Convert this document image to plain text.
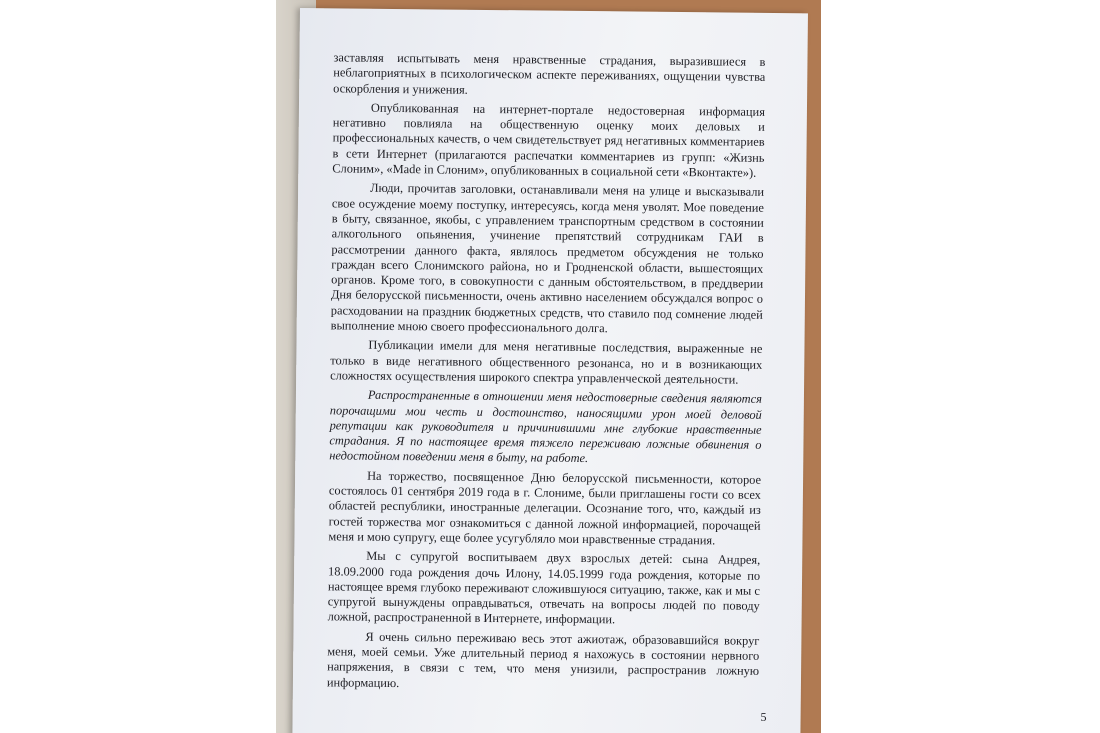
заставляя испытывать меня нравственные страдания, выразившиеся в неблагоприятных в психологическом аспекте переживаниях, ощущении чувства оскорбления и унижения.

Опубликованная на интернет-портале недостоверная информация негативно повлияла на общественную оценку моих деловых и профессиональных качеств, о чем свидетельствует ряд негативных комментариев в сети Интернет (прилагаются распечатки комментариев из групп: «Жизнь Слоним», «Made in Слоним», опубликованных в социальной сети «Вконтакте»).

Люди, прочитав заголовки, останавливали меня на улице и высказывали свое осуждение моему поступку, интересуясь, когда меня уволят. Мое поведение в быту, связанное, якобы, с управлением транспортным средством в состоянии алкогольного опьянения, учинение препятствий сотрудникам ГАИ в рассмотрении данного факта, являлось предметом обсуждения не только граждан всего Слонимского района, но и Гродненской области, вышестоящих органов. Кроме того, в совокупности с данным обстоятельством, в преддверии Дня белорусской письменности, очень активно населением обсуждался вопрос о расходовании на праздник бюджетных средств, что ставило под сомнение людей выполнение мною своего профессионального долга.

Публикации имели для меня негативные последствия, выраженные не только в виде негативного общественного резонанса, но и в возникающих сложностях осуществления широкого спектра управленческой деятельности.

Распространенные в отношении меня недостоверные сведения являются порочащими мои честь и достоинство, наносящими урон моей деловой репутации как руководителя и причинившими мне глубокие нравственные страдания. Я по настоящее время тяжело переживаю ложные обвинения о недостойном поведении меня в быту, на работе.

На торжество, посвященное Дню белорусской письменности, которое состоялось 01 сентября 2019 года в г. Слониме, были приглашены гости со всех областей республики, иностранные делегации. Осознание того, что, каждый из гостей торжества мог ознакомиться с данной ложной информацией, порочащей меня и мою супругу, еще более усугубляло мои нравственные страдания.

Мы с супругой воспитываем двух взрослых детей: сына Андрея, 18.09.2000 года рождения дочь Илону, 14.05.1999 года рождения, которые по настоящее время глубоко переживают сложившуюся ситуацию, также, как и мы с супругой вынуждены оправдываться, отвечать на вопросы людей по поводу ложной, распространенной в Интернете, информации.

Я очень сильно переживаю весь этот ажиотаж, образовавшийся вокруг меня, моей семьи. Уже длительный период я нахожусь в состоянии нервного напряжения, в связи с тем, что меня унизили, распространив ложную информацию.

5
